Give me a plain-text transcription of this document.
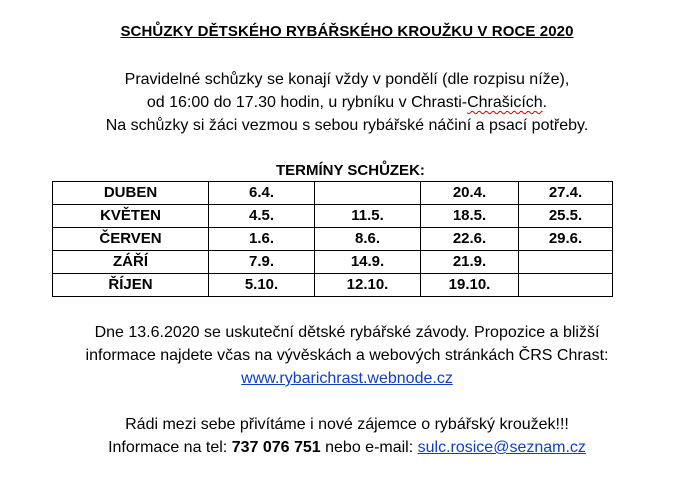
SCHŮZKY DĚTSKÉHO RYBÁŘSKÉHO KROUŽKU V ROCE 2020
Pravidelné schůzky se konají vždy v pondělí (dle rozpisu níže),
od 16:00 do 17.30 hodin, u rybníku v Chrasti-Chrašicích.
Na schůzky si žáci vezmou s sebou rybářské náčiní a psací potřeby.
TERMÍNY SCHŮZEK:
DUBEN	6.4.		20.4.	27.4.
KVĚTEN	4.5.	11.5.	18.5.	25.5.
ČERVEN	1.6.	8.6.	22.6.	29.6.
ZÁŘÍ	7.9.	14.9.	21.9.	
ŘÍJEN	5.10.	12.10.	19.10.	
Dne 13.6.2020 se uskuteční dětské rybářské závody. Propozice a bližší
informace najdete včas na vývěskách a webových stránkách ČRS Chrast:
www.rybarichrast.webnode.cz
Rádi mezi sebe přivítáme i nové zájemce o rybářský kroužek!!!
Informace na tel: 737 076 751 nebo e-mail: sulc.rosice@seznam.cz
